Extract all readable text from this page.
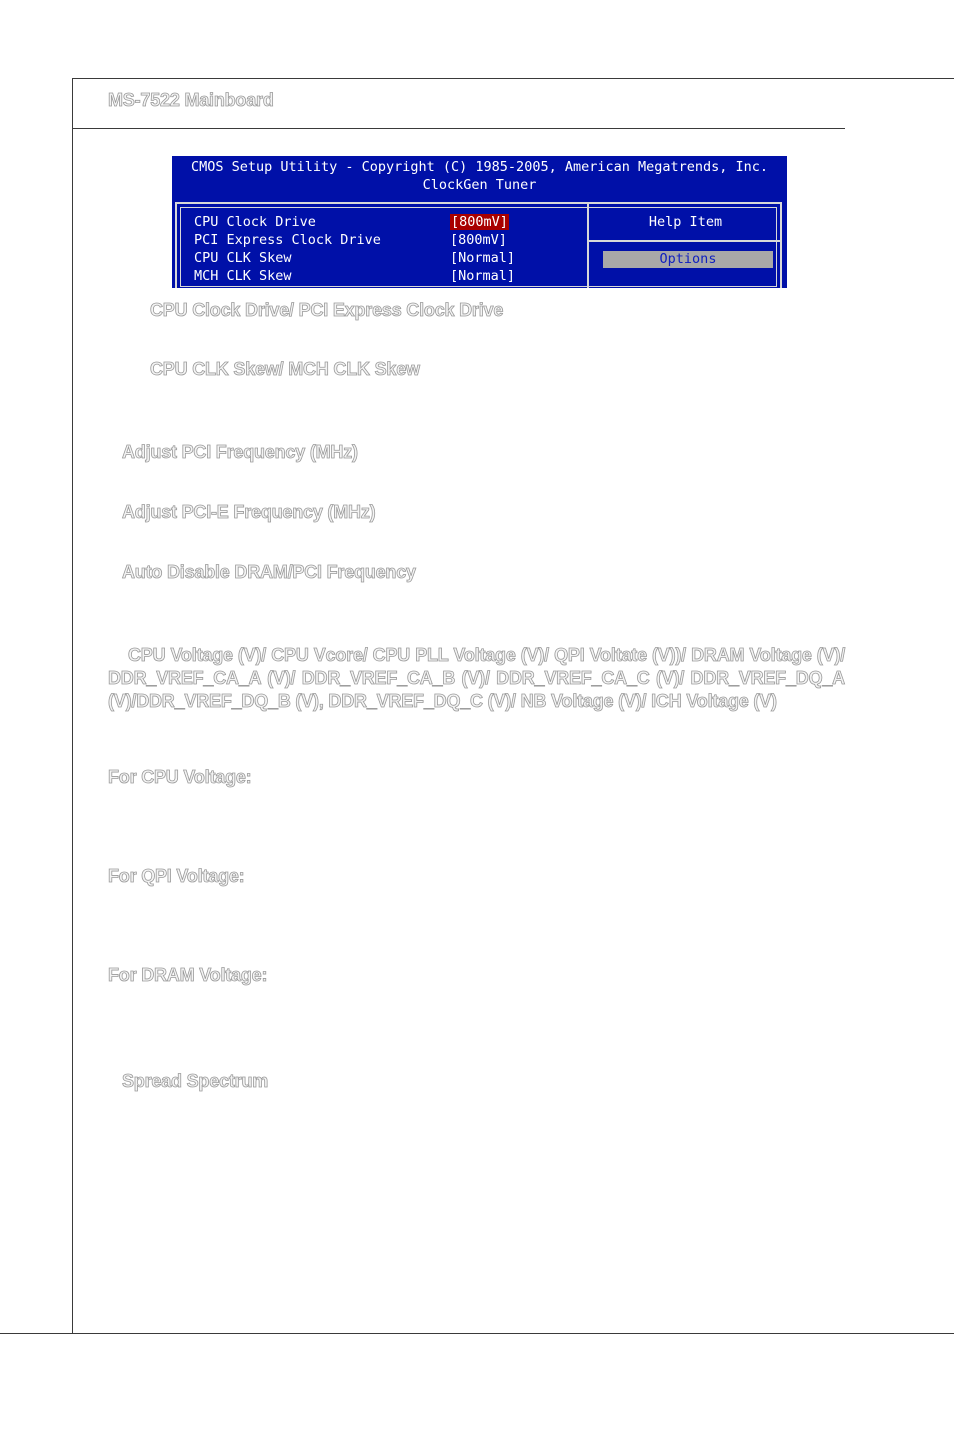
MS-7522 Mainboard
CMOS Setup Utility - Copyright (C) 1985-2005, American Megatrends, Inc.
ClockGen Tuner
CPU Clock Drive	[800mV]
PCI Express Clock Drive	[800mV]
CPU CLK Skew	[Normal]
MCH CLK Skew	[Normal]
Help Item
Options
CPU Clock Drive/ PCI Express Clock Drive
CPU CLK Skew/ MCH CLK Skew
Adjust PCI Frequency (MHz)
Adjust PCI-E Frequency (MHz)
Auto Disable DRAM/PCI Frequency

CPU Voltage (V)/ CPU Vcore/ CPU PLL Voltage (V)/ QPI Voltate (V))/ DRAM Voltage (V)/ DDR_VREF_CA_A (V)/ DDR_VREF_CA_B (V)/ DDR_VREF_CA_C (V)/ DDR_VREF_DQ_A (V)/DDR_VREF_DQ_B (V), DDR_VREF_DQ_C (V)/ NB Voltage (V)/ ICH Voltage (V)

For CPU Voltage:
For QPI Voltage:
For DRAM Voltage:
Spread Spectrum
